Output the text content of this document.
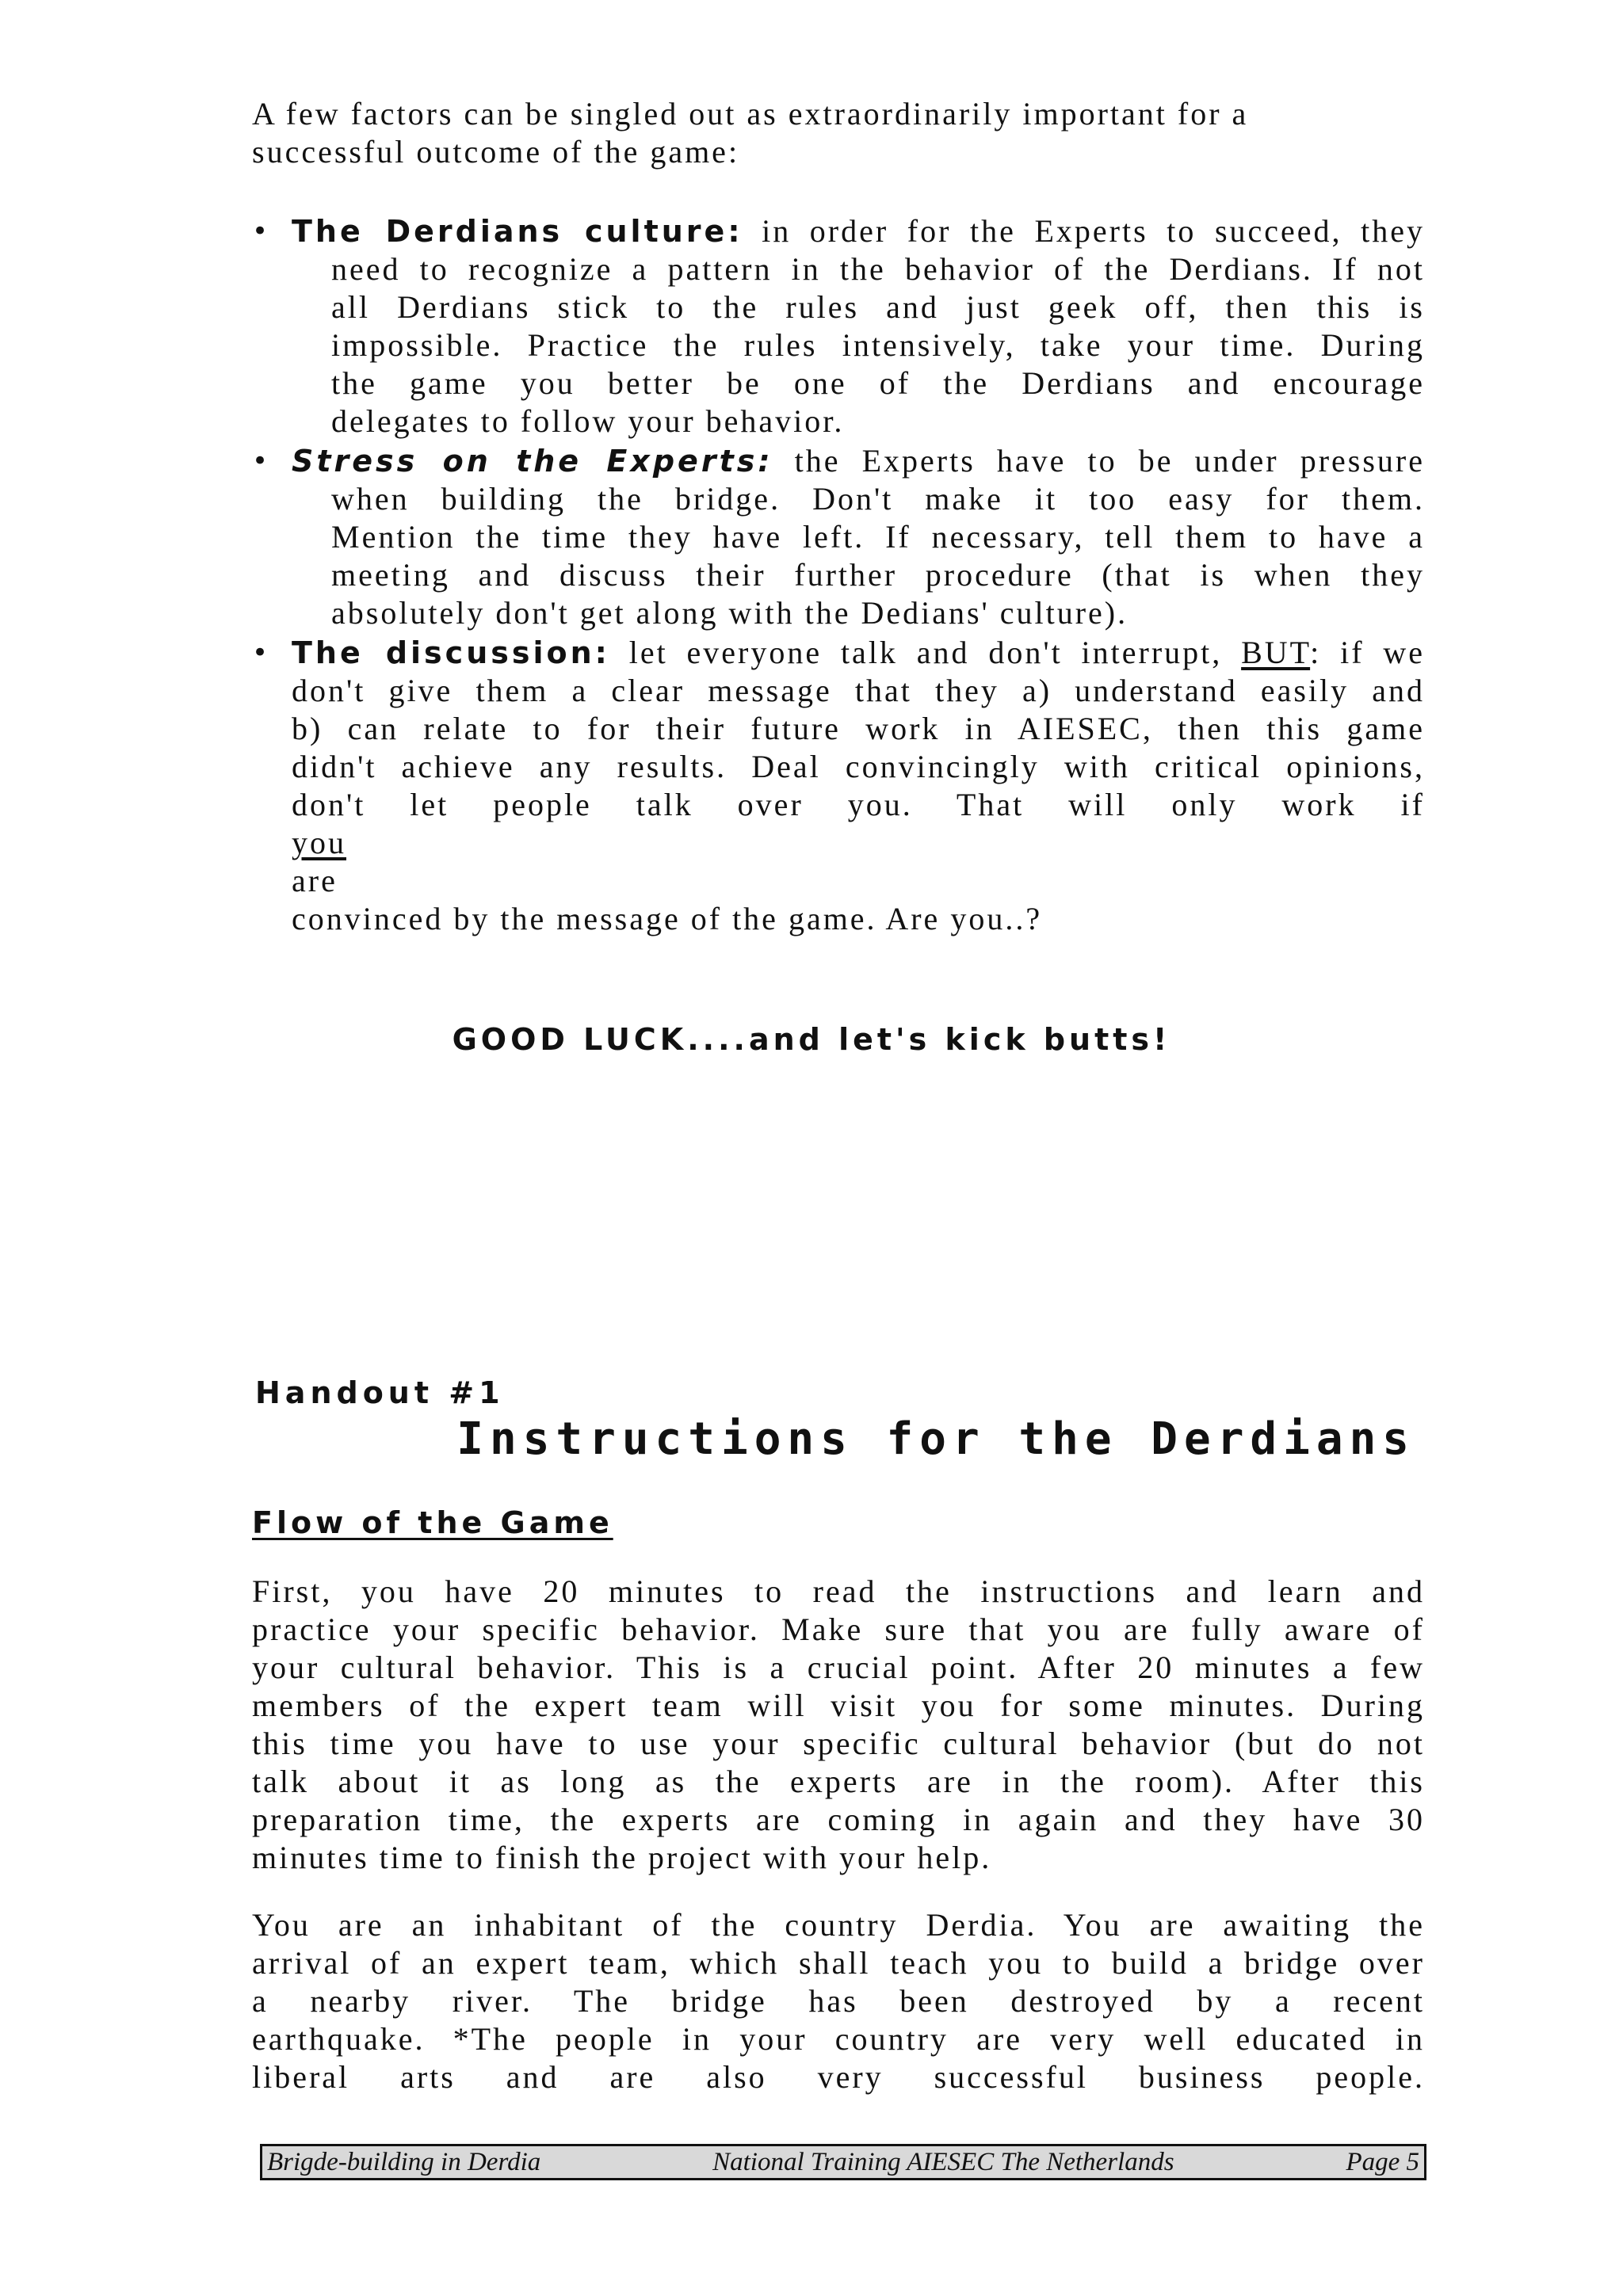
A few factors can be singled out as extraordinarily important for a

successful outcome of the game:

• The Derdians culture: in order for the Experts to succeed, they
need to recognize a pattern in the behavior of the Derdians. If not
all Derdians stick to the rules and just geek off, then this is
impossible. Practice the rules intensively, take your time. During
the game you better be one of the Derdians and encourage
delegates to follow your behavior.
• Stress on the Experts: the Experts have to be under pressure
when building the bridge. Don't make it too easy for them.
Mention the time they have left. If necessary, tell them to have a
meeting and discuss their further procedure (that is when they
absolutely don't get along with the Dedians' culture).
• The discussion: let everyone talk and don't interrupt, BUT: if we
don't give them a clear message that they a) understand easily and
b) can relate to for their future work in AIESEC, then this game
didn't achieve any results. Deal convincingly with critical opinions,
don't let people talk over you. That will only work if
you
are
convinced by the message of the game. Are you..?
GOOD LUCK....and let's kick butts!
Handout #1
Instructions for the Derdians
Flow of the Game
First, you have 20 minutes to read the instructions and learn and
practice your specific behavior. Make sure that you are fully aware of
your cultural behavior. This is a crucial point. After 20 minutes a few
members of the expert team will visit you for some minutes. During
this time you have to use your specific cultural behavior (but do not
talk about it as long as the experts are in the room). After this
preparation time, the experts are coming in again and they have 30
minutes time to finish the project with your help.
You are an inhabitant of the country Derdia. You are awaiting the
arrival of an expert team, which shall teach you to build a bridge over
a nearby river. The bridge has been destroyed by a recent
earthquake. *The people in your country are very well educated in
liberal arts and are also very successful business people.
Brigde-building in Derdia	National Training AIESEC The Netherlands	Page 5
